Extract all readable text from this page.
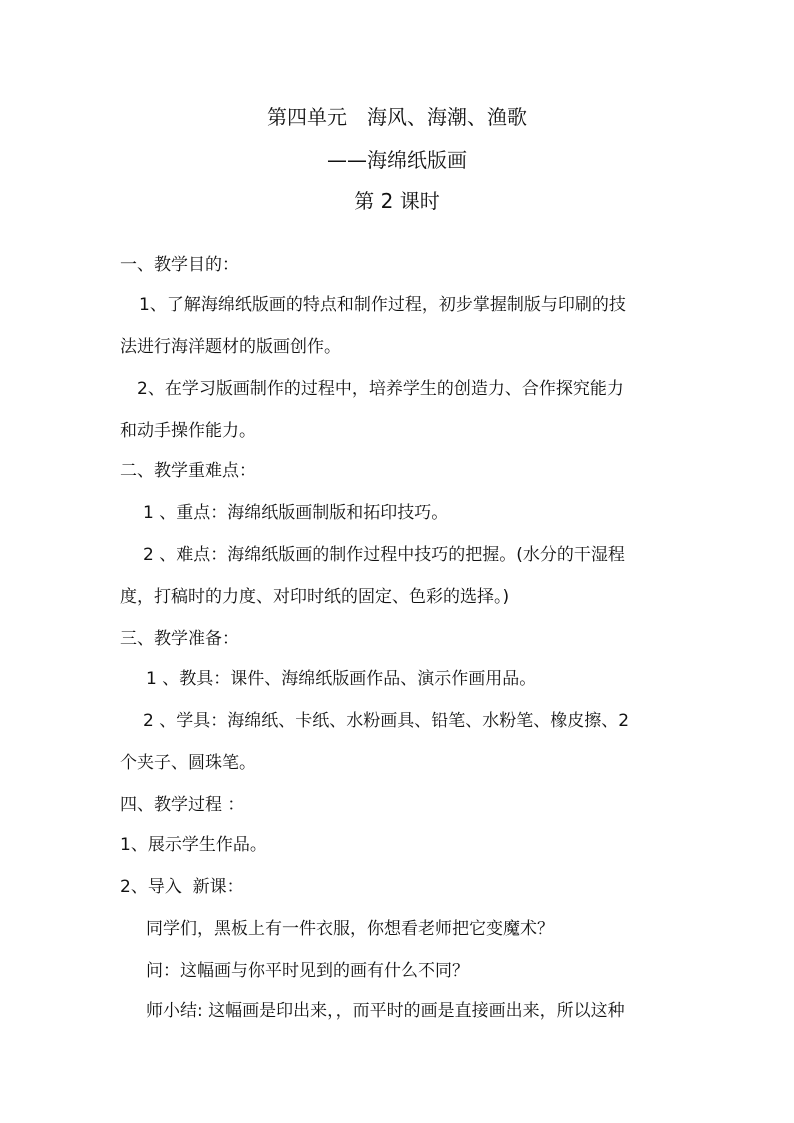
第四单元　海风、海潮、渔歌
——海绵纸版画
第 2 课时
一、教学目的：
1、了解海绵纸版画的特点和制作过程，初步掌握制版与印刷的技
法进行海洋题材的版画创作。
2、在学习版画制作的过程中，培养学生的创造力、合作探究能力
和动手操作能力。
二、教学重难点：
1 、重点：海绵纸版画制版和拓印技巧。
2 、难点：海绵纸版画的制作过程中技巧的把握。(水分的干湿程
度，打稿时的力度、对印时纸的固定、色彩的选择。)
三、教学准备：
1 、教具：课件、海绵纸版画作品、演示作画用品。
2 、学具：海绵纸、卡纸、水粉画具、铅笔、水粉笔、橡皮擦、2
个夹子、圆珠笔。
四、教学过程 ：
1、展示学生作品。
2、导入  新课：
同学们，黑板上有一件衣服，你想看老师把它变魔术？
问：这幅画与你平时见到的画有什么不同？
师小结: 这幅画是印出来，，而平时的画是直接画出来，所以这种
